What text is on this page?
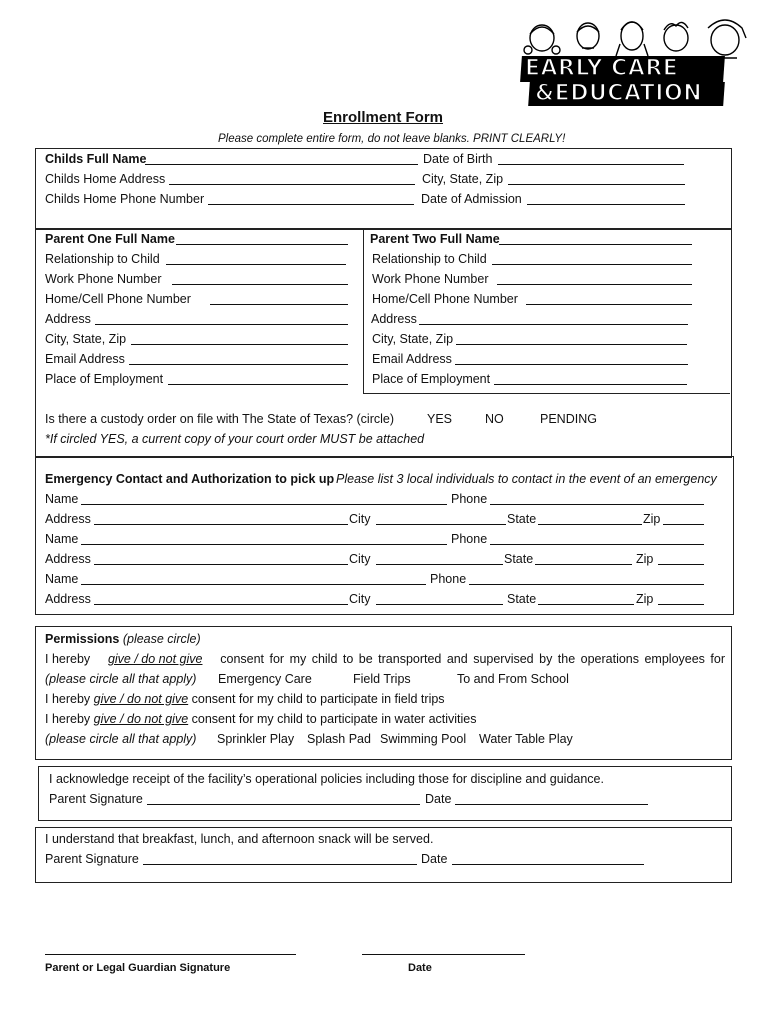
EARLY CARE
&EDUCATION
Enrollment Form
Please complete entire form, do not leave blanks. PRINT CLEARLY!
Childs Full Name	Date of Birth
Childs Home Address	City, State, Zip
Childs Home Phone Number	Date of Admission
Parent One Full Name
Relationship to Child
Work Phone Number
Home/Cell Phone Number
Address
City, State, Zip
Email Address
Place of Employment
Parent Two Full Name
Relationship to Child
Work Phone Number
Home/Cell Phone Number
Address
City, State, Zip
Email Address
Place of Employment
Is there a custody order on file with The State of Texas? (circle)	YES	NO	PENDING
*If circled YES, a current copy of your court order MUST be attached
Emergency Contact and Authorization to pick up Please list 3 local individuals to contact in the event of an emergency
Name	Phone
Address	City	State	Zip
Name	Phone
Address	City	State	Zip
Name	Phone
Address	City	State	Zip
Permissions (please circle)
I hereby give / do not give consent for my child to be transported and supervised by the operations employees for
(please circle all that apply) Emergency Care	Field Trips	To and From School
I hereby give / do not give consent for my child to participate in field trips
I hereby give / do not give consent for my child to participate in water activities
(please circle all that apply) Sprinkler Play Splash Pad Swimming Pool Water Table Play
I acknowledge receipt of the facility’s operational policies including those for discipline and guidance.
Parent Signature	Date
I understand that breakfast, lunch, and afternoon snack will be served.
Parent Signature	Date
Parent or Legal Guardian Signature	Date
